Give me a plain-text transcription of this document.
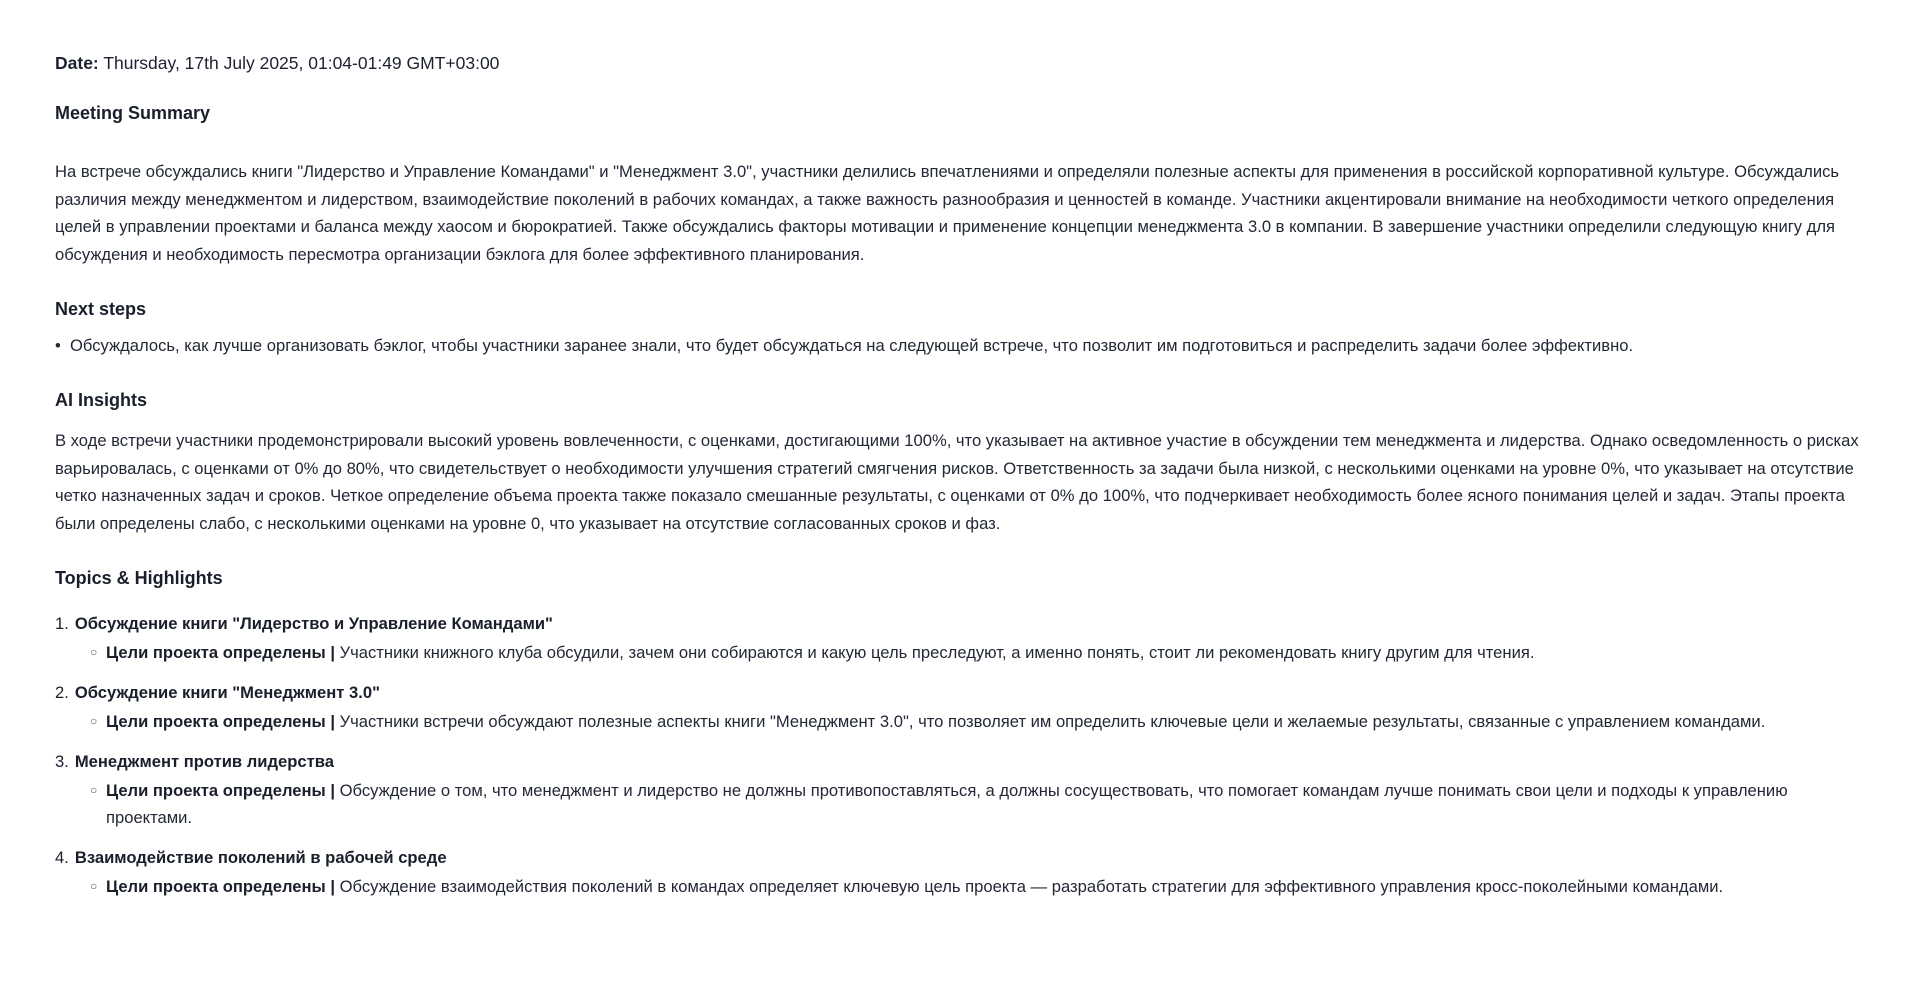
Date: Thursday, 17th July 2025, 01:04-01:49 GMT+03:00

Meeting Summary

На встрече обсуждались книги "Лидерство и Управление Командами" и "Менеджмент 3.0", участники делились впечатлениями и определяли полезные аспекты для применения в российской корпоративной культуре. Обсуждались различия между менеджментом и лидерством, взаимодействие поколений в рабочих командах, а также важность разнообразия и ценностей в команде. Участники акцентировали внимание на необходимости четкого определения целей в управлении проектами и баланса между хаосом и бюрократией. Также обсуждались факторы мотивации и применение концепции менеджмента 3.0 в компании. В завершение участники определили следующую книгу для обсуждения и необходимость пересмотра организации бэклога для более эффективного планирования.

Next steps
• Обсуждалось, как лучше организовать бэклог, чтобы участники заранее знали, что будет обсуждаться на следующей встрече, что позволит им подготовиться и распределить задачи более эффективно.
AI Insights

В ходе встречи участники продемонстрировали высокий уровень вовлеченности, с оценками, достигающими 100%, что указывает на активное участие в обсуждении тем менеджмента и лидерства. Однако осведомленность о рисках варьировалась, с оценками от 0% до 80%, что свидетельствует о необходимости улучшения стратегий смягчения рисков. Ответственность за задачи была низкой, с несколькими оценками на уровне 0%, что указывает на отсутствие четко назначенных задач и сроков. Четкое определение объема проекта также показало смешанные результаты, с оценками от 0% до 100%, что подчеркивает необходимость более ясного понимания целей и задач. Этапы проекта были определены слабо, с несколькими оценками на уровне 0, что указывает на отсутствие согласованных сроков и фаз.

Topics & Highlights
1. Обсуждение книги "Лидерство и Управление Командами"
○ Цели проекта определены | Участники книжного клуба обсудили, зачем они собираются и какую цель преследуют, а именно понять, стоит ли рекомендовать книгу другим для чтения.
2. Обсуждение книги "Менеджмент 3.0"
○ Цели проекта определены | Участники встречи обсуждают полезные аспекты книги "Менеджмент 3.0", что позволяет им определить ключевые цели и желаемые результаты, связанные с управлением командами.
3. Менеджмент против лидерства
○ Цели проекта определены | Обсуждение о том, что менеджмент и лидерство не должны противопоставляться, а должны сосуществовать, что помогает командам лучше понимать свои цели и подходы к управлению проектами.
4. Взаимодействие поколений в рабочей среде
○ Цели проекта определены | Обсуждение взаимодействия поколений в командах определяет ключевую цель проекта — разработать стратегии для эффективного управления кросс-поколейными командами.
